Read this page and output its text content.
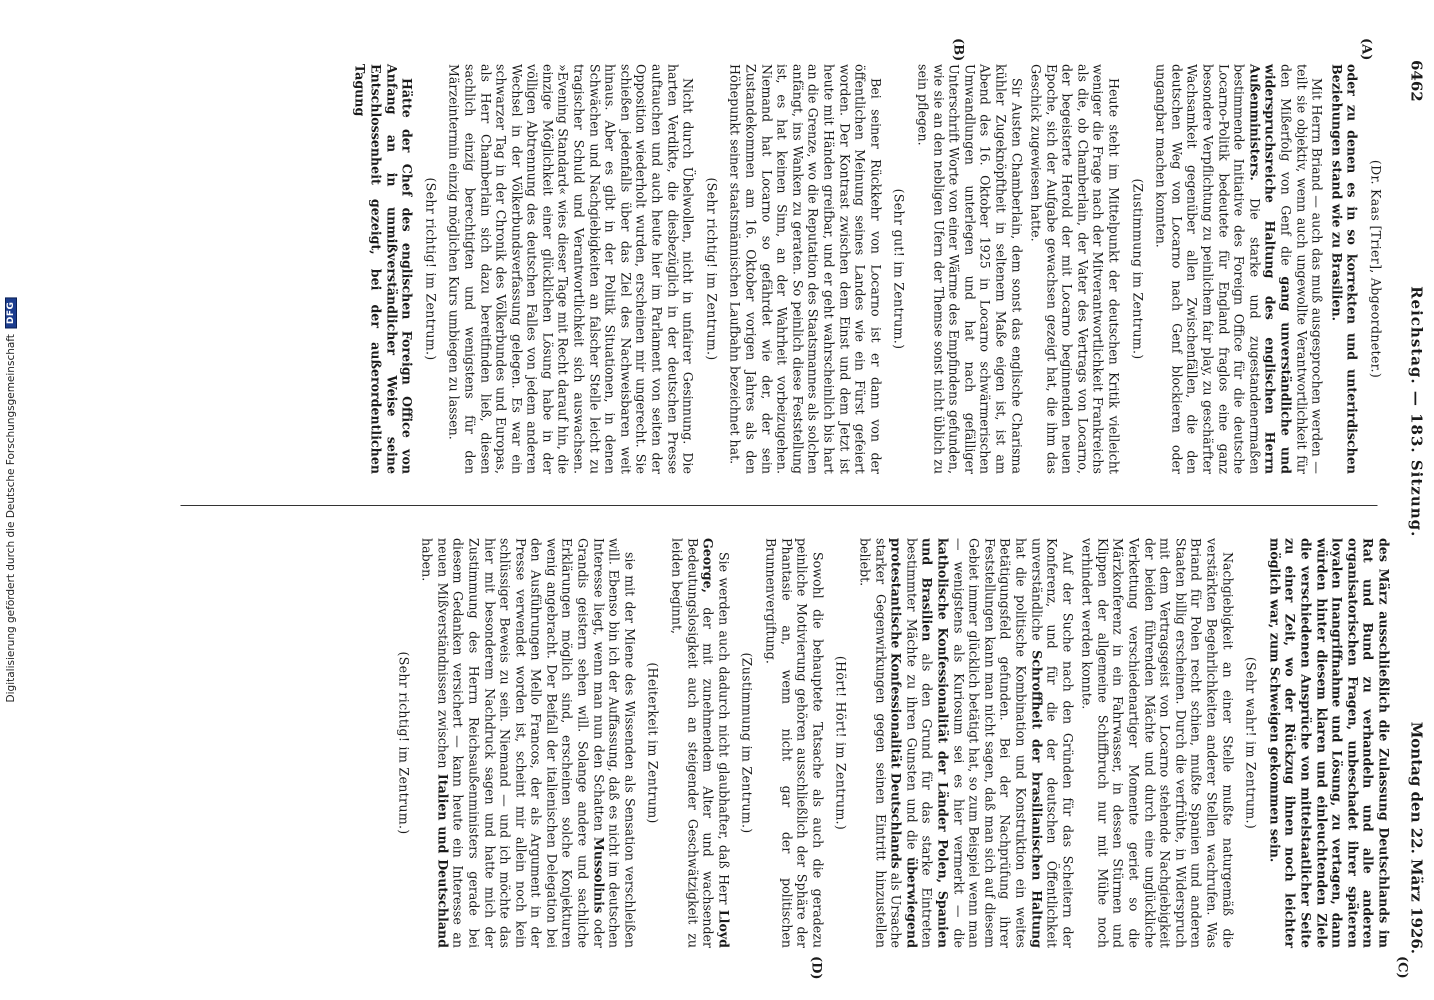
Digitalisierung gefördert durch die Deutsche Forschungsgemeinschaft
DFG
6462
Reichstag. — 183. Sitzung.
Montag den 22. März 1926.
(A)
(B)
(C)
(D)

(Dr. Kaas [Trier], Abgeordneter.)

oder zu denen es in so korrekten und unterirdischen Beziehungen stand wie zu Brasilien.

Mit Herrn Briand — auch das muß ausgesprochen werden — teilt sie objektiv, wenn auch ungewollte Verantwortlichkeit für den Mißerfolg von Genf die gang unverständliche und widerspruchsreiche Haltung des englischen Herrn Außenministers. Die starke und zugestandenermaßen bestimmende Initiative des Foreign Office für die deutsche Locarno-Politik bedeutete für England fraglos eine ganz besondere Verpflichtung zu peinlichem fair play, zu geschärfter Wachsamkeit gegenüber allen Zwischenfällen, die den deutschen Weg von Locarno nach Genf blockieren oder ungangbar machen konnten.

(Zustimmung im Zentrum.)

Heute steht im Mittelpunkt der deutschen Kritik vielleicht weniger die Frage nach der Mitverantwortlichkeit Frankreichs als die, ob Chamberlain, der Vater des Vertrags von Locarno, der begeisterte Herold der mit Locarno beginnenden neuen Epoche, sich der Aufgabe gewachsen gezeigt hat, die ihm das Geschick zugewiesen hatte.

Sir Austen Chamberlain, dem sonst das englische Charisma kühler Zugeknöpftheit in seltenem Maße eigen ist, ist am Abend des 16. Oktober 1925 in Locarno schwärmerischen Umwandlungen unterlegen und hat nach gefälliger Unterschrift Worte von einer Wärme des Empfindens gefunden, wie sie an den nebligen Ufern der Themse sonst nicht üblich zu sein pflegen.

(Sehr gut! im Zentrum.)

Bei seiner Rückkehr von Locarno ist er dann von der öffentlichen Meinung seines Landes wie ein Fürst gefeiert worden. Der Kontrast zwischen dem Einst und dem Jetzt ist heute mit Händen greifbar, und er geht wahrscheinlich bis hart an die Grenze, wo die Reputation des Staatsmannes als solchen anfängt, ins Wanken zu geraten. So peinlich diese Feststellung ist, es hat keinen Sinn, an der Wahrheit vorbeizugehen. Niemand hat Locarno so gefährdet wie der, der sein Zustandekommen am 16. Oktober vorigen Jahres als den Höhepunkt seiner staatsmännischen Laufbahn bezeichnet hat.

(Sehr richtig! im Zentrum.)

Nicht durch Übelwollen, nicht in unfairer Gesinnung. Die harten Verdikte, die diesbezüglich in der deutschen Presse auftauchen und auch heute hier im Parlament von seiten der Opposition wiederholt wurden, erscheinen mir ungerecht. Sie schießen jedenfalls über das Ziel des Nachweisbaren weit hinaus. Aber es gibt in der Politik Situationen, in denen Schwächen und Nachgiebigkeiten an falscher Stelle leicht zu tragischer Schuld und Verantwortlichkeit sich auswachsen. »Evening Standard« wies dieser Tage mit Recht darauf hin, die einzige Möglichkeit einer glücklichen Lösung habe in der völligen Abtrennung des deutschen Falles von jedem anderen Wechsel in der Völkerbundsverfassung gelegen. Es war ein schwarzer Tag in der Chronik des Völkerbundes und Europas, als Herr Chamberlain sich dazu bereitfinden ließ, diesen sachlich einzig berechtigten und wenigstens für den Märzeintermin einzig möglichen Kurs umbiegen zu lassen.

(Sehr richtig! im Zentrum.)

Hätte der Chef des englischen Foreign Office von Anfang an in unmißverständlicher Weise seine Entschlossenheit gezeigt, bei der außerordentlichen Tagung

des März ausschließlich die Zulassung Deutschlands im Rat und Bund zu verhandeln und alle anderen organisatorischen Fragen, unbeschadet ihrer späteren loyalen Inangriffnahme und Lösung, zu vertagen, dann würden hinter diesem klaren und einleuchtenden Ziele die verschiedenen Ansprüche von mittelstaatlicher Seite zu einer Zeit, wo der Rückzug ihnen noch leichter möglich war, zum Schweigen gekommen sein.

(Sehr wahr! im Zentrum.)

Nachgiebigkeit an einer Stelle mußte naturgemäß die verstärkten Begehrlichkeiten anderer Stellen wachrufen. Was Briand für Polen recht schien, mußte Spanien und anderen Staaten billig erscheinen. Durch die verfrühte, in Widerspruch mit dem Vertragsgeist von Locarno stehende Nachgiebigkeit der beiden führenden Mächte und durch eine unglückliche Verkettung verschiedenartiger Momente geriet so die Märzkonferenz in ein Fahrwasser, in dessen Stürmen und Klippen der allgemeine Schiffbruch nur mit Mühe noch verhindert werden konnte.

Auf der Suche nach den Gründen für das Scheitern der Konferenz, und für die der deutschen Öffentlichkeit unverständliche Schroffheit der brasilianischen Haltung hat die politische Kombination und Konstruktion ein weites Betätigungsfeld gefunden. Bei der Nachprüfung ihrer Feststellungen kann man nicht sagen, daß man sich auf diesem Gebiet immer glücklich betätigt hat, so zum Beispiel wenn man — wenigstens als Kuriosum sei es hier vermerkt — die katholische Konfessionalität der Länder Polen, Spanien und Brasilien als den Grund für das starke Eintreten bestimmter Mächte zu ihren Gunsten und die überwiegend protestantische Konfessionalität Deutschlands als Ursache starker Gegenwirkungen gegen seinen Eintritt hinzustellen beliebt.

(Hört! Hört! im Zentrum.)

Sowohl die behauptete Tatsache als auch die geradezu peinliche Motivierung gehören ausschließlich der Sphäre der Phantasie an, wenn nicht gar der politischen Brunnenvergiftung.

(Zustimmung im Zentrum.)

Sie werden auch dadurch nicht glaubhafter, daß Herr Lloyd George, der mit zunehmendem Alter und wachsender Bedeutungslosigkeit auch an steigender Geschwätzigkeit zu leiden beginnt,

(Heiterkeit im Zentrum)

sie mit der Miene des Wissenden als Sensation verschleißen will. Ebenso bin ich der Auffassung, daß es nicht im deutschen Interesse liegt, wenn man nun den Schatten Mussolinis oder Grandis geistern sehen will. Solange andere und sachliche Erklärungen möglich sind, erscheinen solche Konjekturen wenig angebracht. Der Beifall der italienischen Delegation bei den Ausführungen Mello Francos, der als Argument in der Presse verwendet worden ist, scheint mir allein noch kein schlüssiger Beweis zu sein. Niemand — und ich möchte das hier mit besonderem Nachdruck sagen und hatte mich der Zustimmung des Herrn Reichsaußenministers gerade bei diesem Gedanken versichert — kann heute ein Interesse an neuen Mißverständnissen zwischen Italien und Deutschland haben.

(Sehr richtig! im Zentrum.)
